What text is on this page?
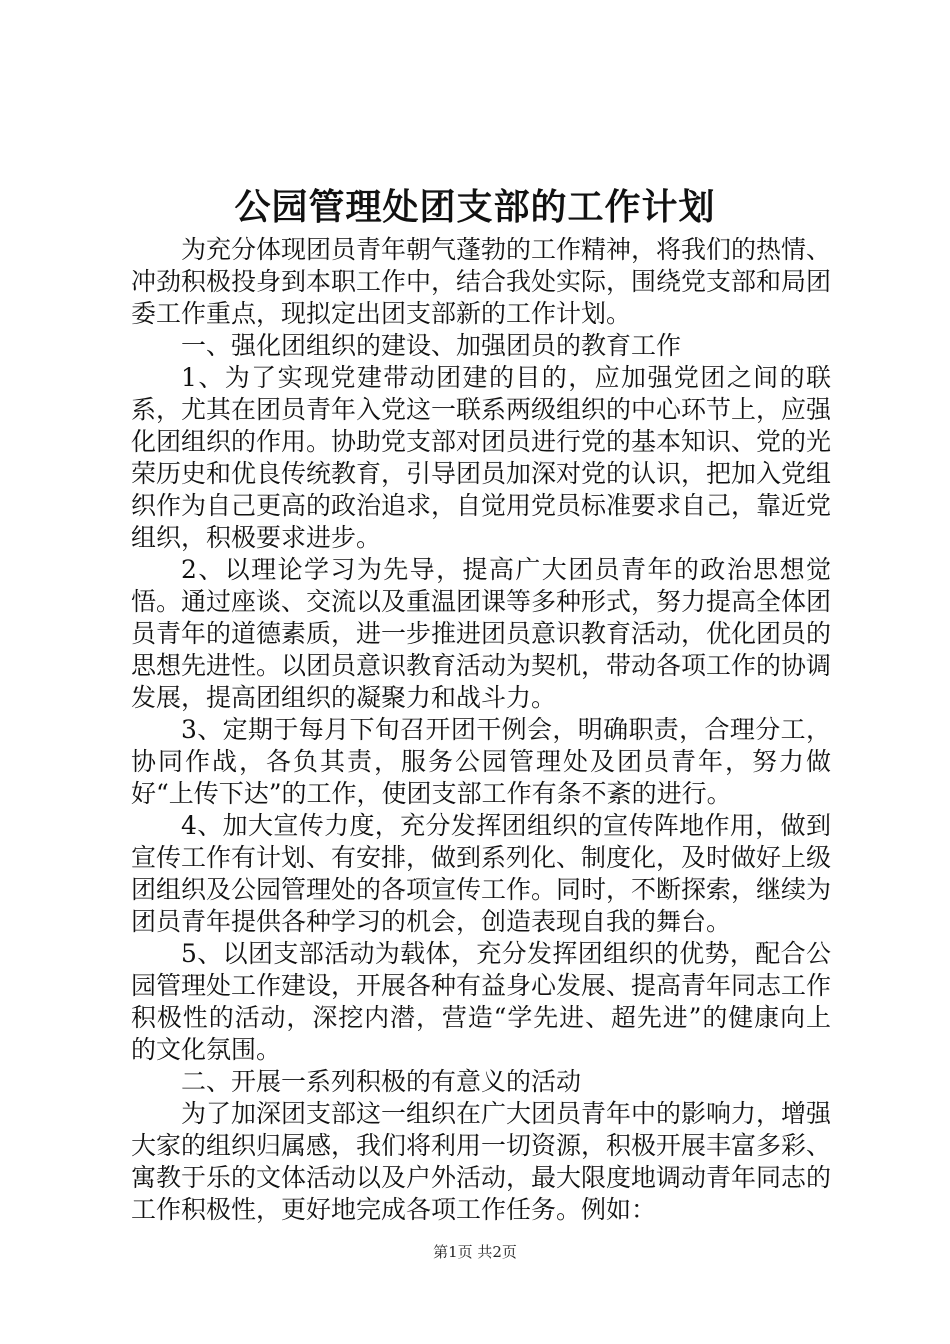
公园管理处团支部的工作计划

为充分体现团员青年朝气蓬勃的工作精神，将我们的热情、冲劲积极投身到本职工作中，结合我处实际，围绕党支部和局团委工作重点，现拟定出团支部新的工作计划。

一、强化团组织的建设、加强团员的教育工作

1、为了实现党建带动团建的目的，应加强党团之间的联系，尤其在团员青年入党这一联系两级组织的中心环节上，应强化团组织的作用。协助党支部对团员进行党的基本知识、党的光荣历史和优良传统教育，引导团员加深对党的认识，把加入党组织作为自己更高的政治追求，自觉用党员标准要求自己，靠近党组织，积极要求进步。

2、以理论学习为先导，提高广大团员青年的政治思想觉悟。通过座谈、交流以及重温团课等多种形式，努力提高全体团员青年的道德素质，进一步推进团员意识教育活动，优化团员的思想先进性。以团员意识教育活动为契机，带动各项工作的协调发展，提高团组织的凝聚力和战斗力。

3、定期于每月下旬召开团干例会，明确职责，合理分工，协同作战，各负其责，服务公园管理处及团员青年，努力做好“上传下达”的工作，使团支部工作有条不紊的进行。

4、加大宣传力度，充分发挥团组织的宣传阵地作用，做到宣传工作有计划、有安排，做到系列化、制度化，及时做好上级团组织及公园管理处的各项宣传工作。同时，不断探索，继续为团员青年提供各种学习的机会，创造表现自我的舞台。

5、以团支部活动为载体，充分发挥团组织的优势，配合公园管理处工作建设，开展各种有益身心发展、提高青年同志工作积极性的活动，深挖内潜，营造“学先进、超先进”的健康向上的文化氛围。

二、开展一系列积极的有意义的活动

为了加深团支部这一组织在广大团员青年中的影响力，增强大家的组织归属感，我们将利用一切资源，积极开展丰富多彩、寓教于乐的文体活动以及户外活动，最大限度地调动青年同志的工作积极性，更好地完成各项工作任务。例如：

第1页 共2页
